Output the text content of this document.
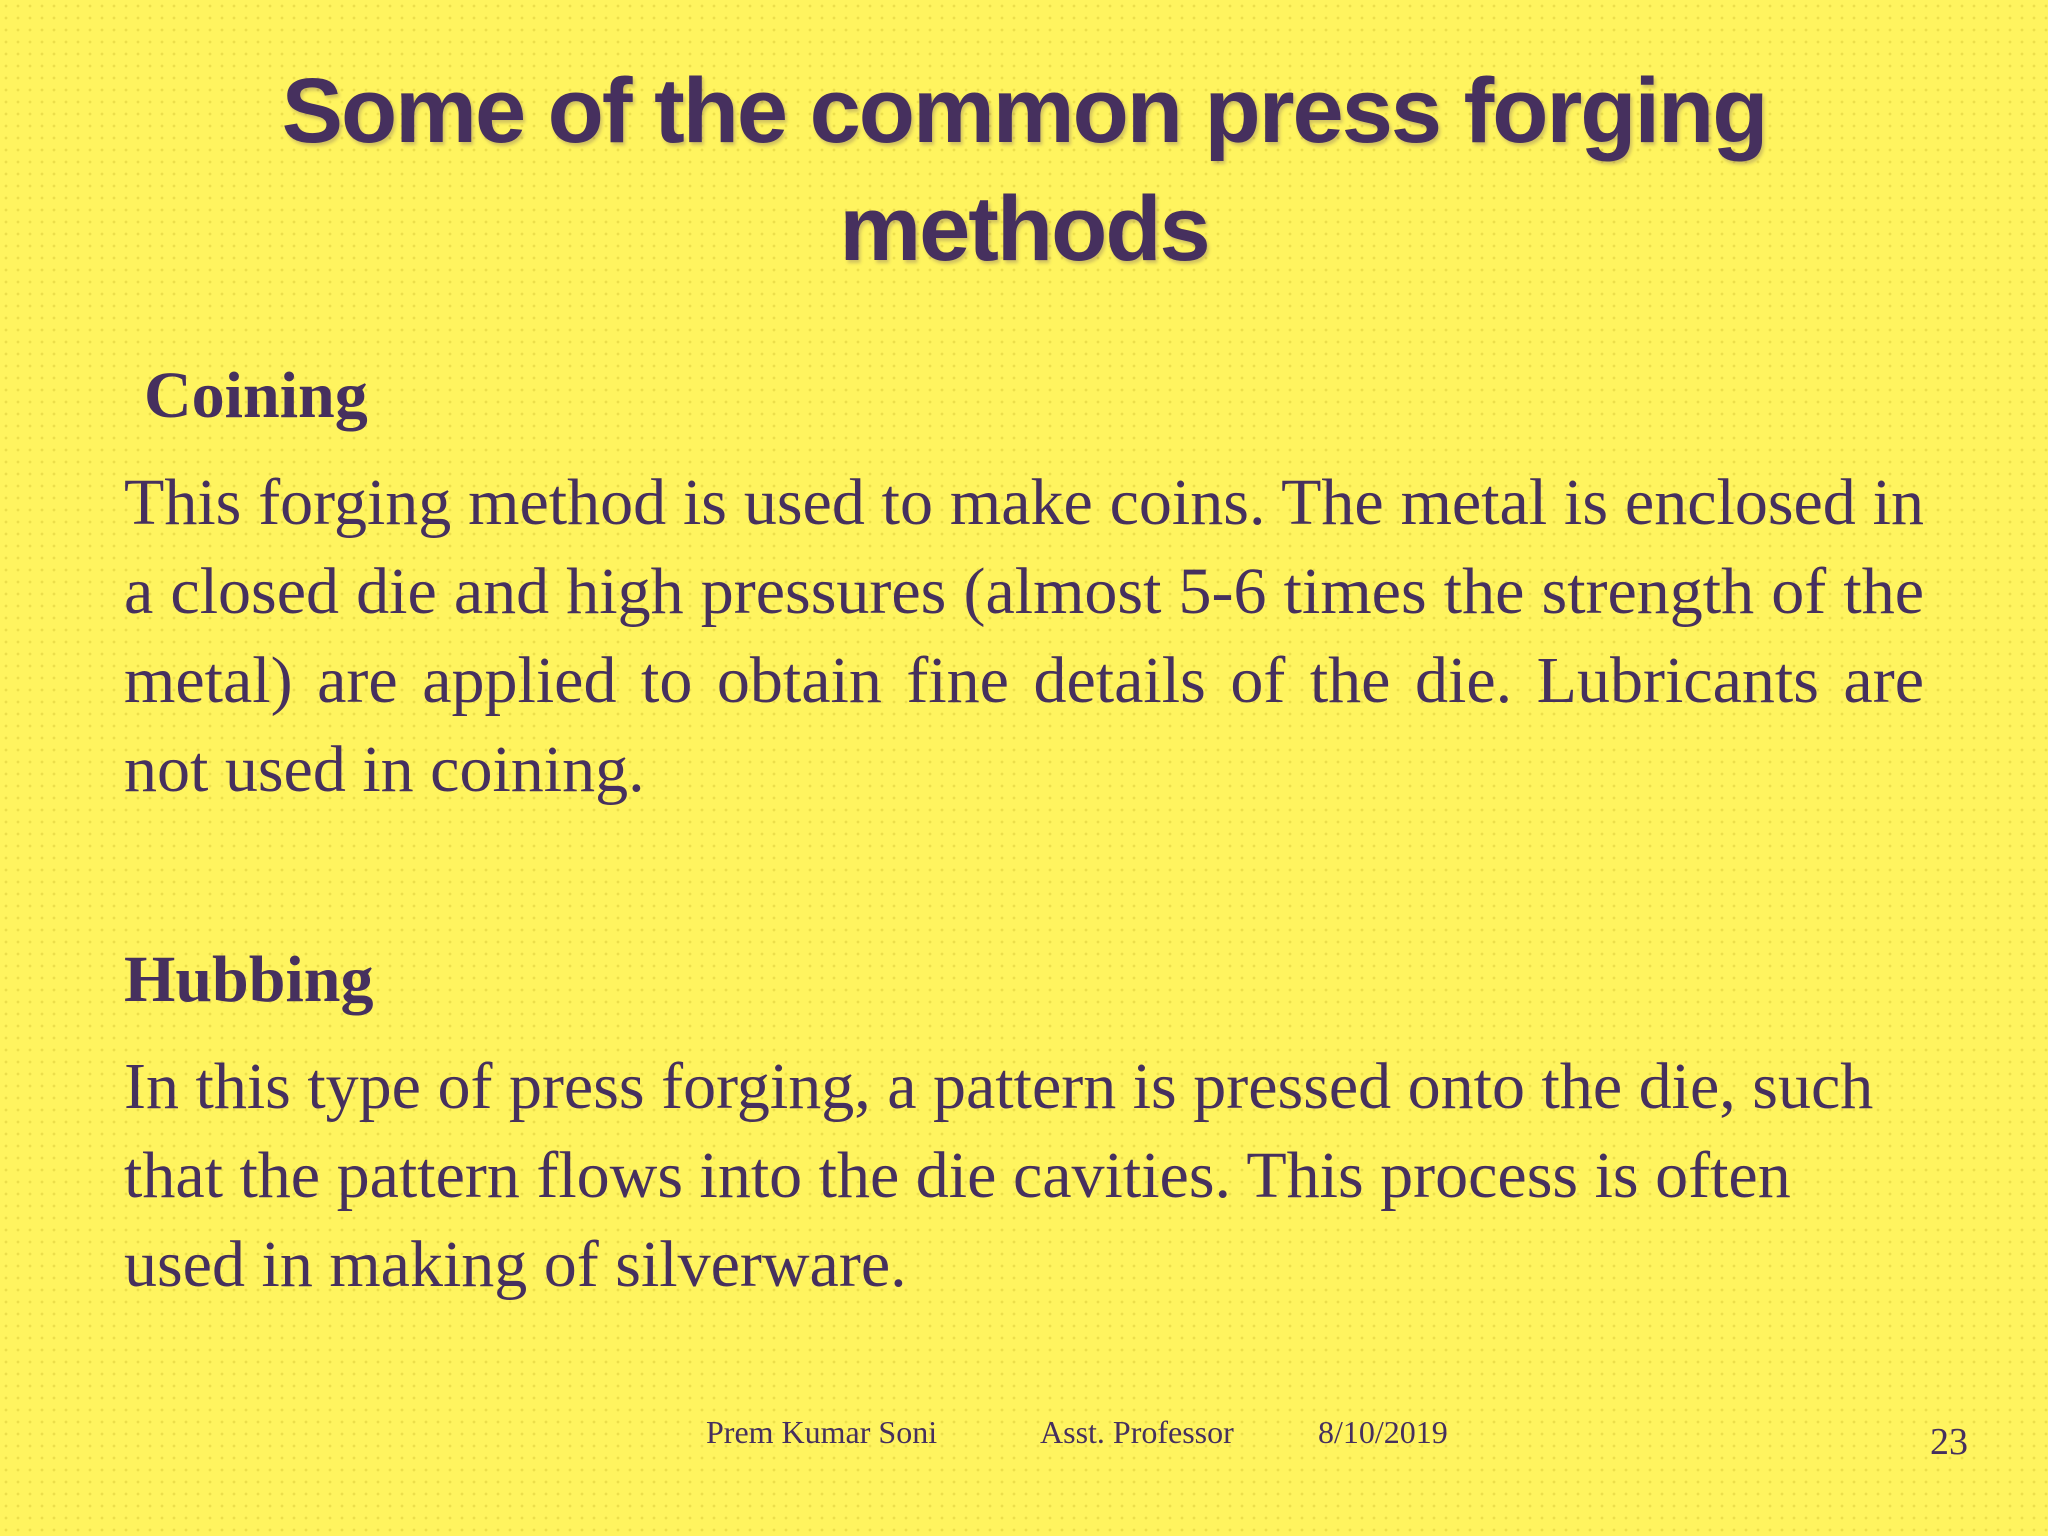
Some of the common press forging methods
Coining

This forging method is used to make coins. The metal is enclosed in a closed die and high pressures (almost 5-6 times the strength of the metal) are applied to obtain fine details of the die. Lubricants are not used in coining.

Hubbing

In this type of press forging, a pattern is pressed onto the die, such that the pattern flows into the die cavities. This process is often used in making of silverware.

Prem Kumar Soni	Asst. Professor	8/10/2019	23
